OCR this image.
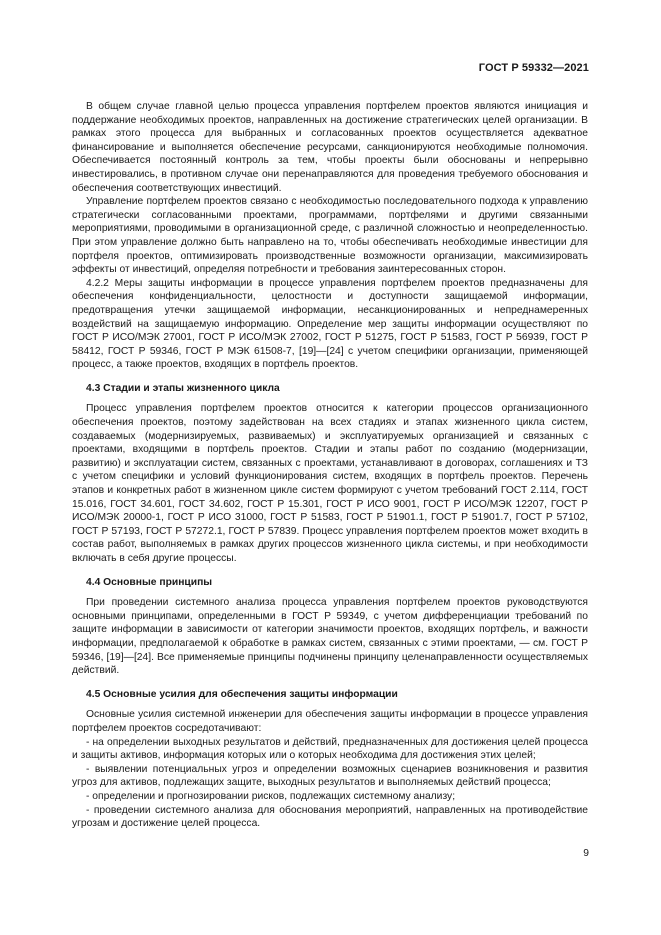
ГОСТ Р 59332—2021

В общем случае главной целью процесса управления портфелем проектов являются инициация и поддержание необходимых проектов, направленных на достижение стратегических целей организации. В рамках этого процесса для выбранных и согласованных проектов осуществляется адекватное финансирование и выполняется обеспечение ресурсами, санкционируются необходимые полномочия. Обеспечивается постоянный контроль за тем, чтобы проекты были обоснованы и непрерывно инвестировались, в противном случае они перенаправляются для проведения требуемого обоснования и обеспечения соответствующих инвестиций.

Управление портфелем проектов связано с необходимостью последовательного подхода к управлению стратегически согласованными проектами, программами, портфелями и другими связанными мероприятиями, проводимыми в организационной среде, с различной сложностью и неопределенностью. При этом управление должно быть направлено на то, чтобы обеспечивать необходимые инвестиции для портфеля проектов, оптимизировать производственные возможности организации, максимизировать эффекты от инвестиций, определяя потребности и требования заинтересованных сторон.

4.2.2 Меры защиты информации в процессе управления портфелем проектов предназначены для обеспечения конфиденциальности, целостности и доступности защищаемой информации, предотвращения утечки защищаемой информации, несанкционированных и непреднамеренных воздействий на защищаемую информацию. Определение мер защиты информации осуществляют по ГОСТ Р ИСО/МЭК 27001, ГОСТ Р ИСО/МЭК 27002, ГОСТ Р 51275, ГОСТ Р 51583, ГОСТ Р 56939, ГОСТ Р 58412, ГОСТ Р 59346, ГОСТ Р МЭК 61508-7, [19]—[24] с учетом специфики организации, применяющей процесс, а также проектов, входящих в портфель проектов.

4.3 Стадии и этапы жизненного цикла

Процесс управления портфелем проектов относится к категории процессов организационного обеспечения проектов, поэтому задействован на всех стадиях и этапах жизненного цикла систем, создаваемых (модернизируемых, развиваемых) и эксплуатируемых организацией и связанных с проектами, входящими в портфель проектов. Стадии и этапы работ по созданию (модернизации, развитию) и эксплуатации систем, связанных с проектами, устанавливают в договорах, соглашениях и ТЗ с учетом специфики и условий функционирования систем, входящих в портфель проектов. Перечень этапов и конкретных работ в жизненном цикле систем формируют с учетом требований ГОСТ 2.114, ГОСТ 15.016, ГОСТ 34.601, ГОСТ 34.602, ГОСТ Р 15.301, ГОСТ Р ИСО 9001, ГОСТ Р ИСО/МЭК 12207, ГОСТ Р ИСО/МЭК 20000-1, ГОСТ Р ИСО 31000, ГОСТ Р 51583, ГОСТ Р 51901.1, ГОСТ Р 51901.7, ГОСТ Р 57102, ГОСТ Р 57193, ГОСТ Р 57272.1, ГОСТ Р 57839. Процесс управления портфелем проектов может входить в состав работ, выполняемых в рамках других процессов жизненного цикла системы, и при необходимости включать в себя другие процессы.

4.4 Основные принципы

При проведении системного анализа процесса управления портфелем проектов руководствуются основными принципами, определенными в ГОСТ Р 59349, с учетом дифференциации требований по защите информации в зависимости от категории значимости проектов, входящих портфель, и важности информации, предполагаемой к обработке в рамках систем, связанных с этими проектами, — см. ГОСТ Р 59346, [19]—[24]. Все применяемые принципы подчинены принципу целенаправленности осуществляемых действий.

4.5 Основные усилия для обеспечения защиты информации

Основные усилия системной инженерии для обеспечения защиты информации в процессе управления портфелем проектов сосредотачивают:

- на определении выходных результатов и действий, предназначенных для достижения целей процесса и защиты активов, информация которых или о которых необходима для достижения этих целей;

- выявлении потенциальных угроз и определении возможных сценариев возникновения и развития угроз для активов, подлежащих защите, выходных результатов и выполняемых действий процесса;

- определении и прогнозировании рисков, подлежащих системному анализу;

- проведении системного анализа для обоснования мероприятий, направленных на противодействие угрозам и достижение целей процесса.

9
